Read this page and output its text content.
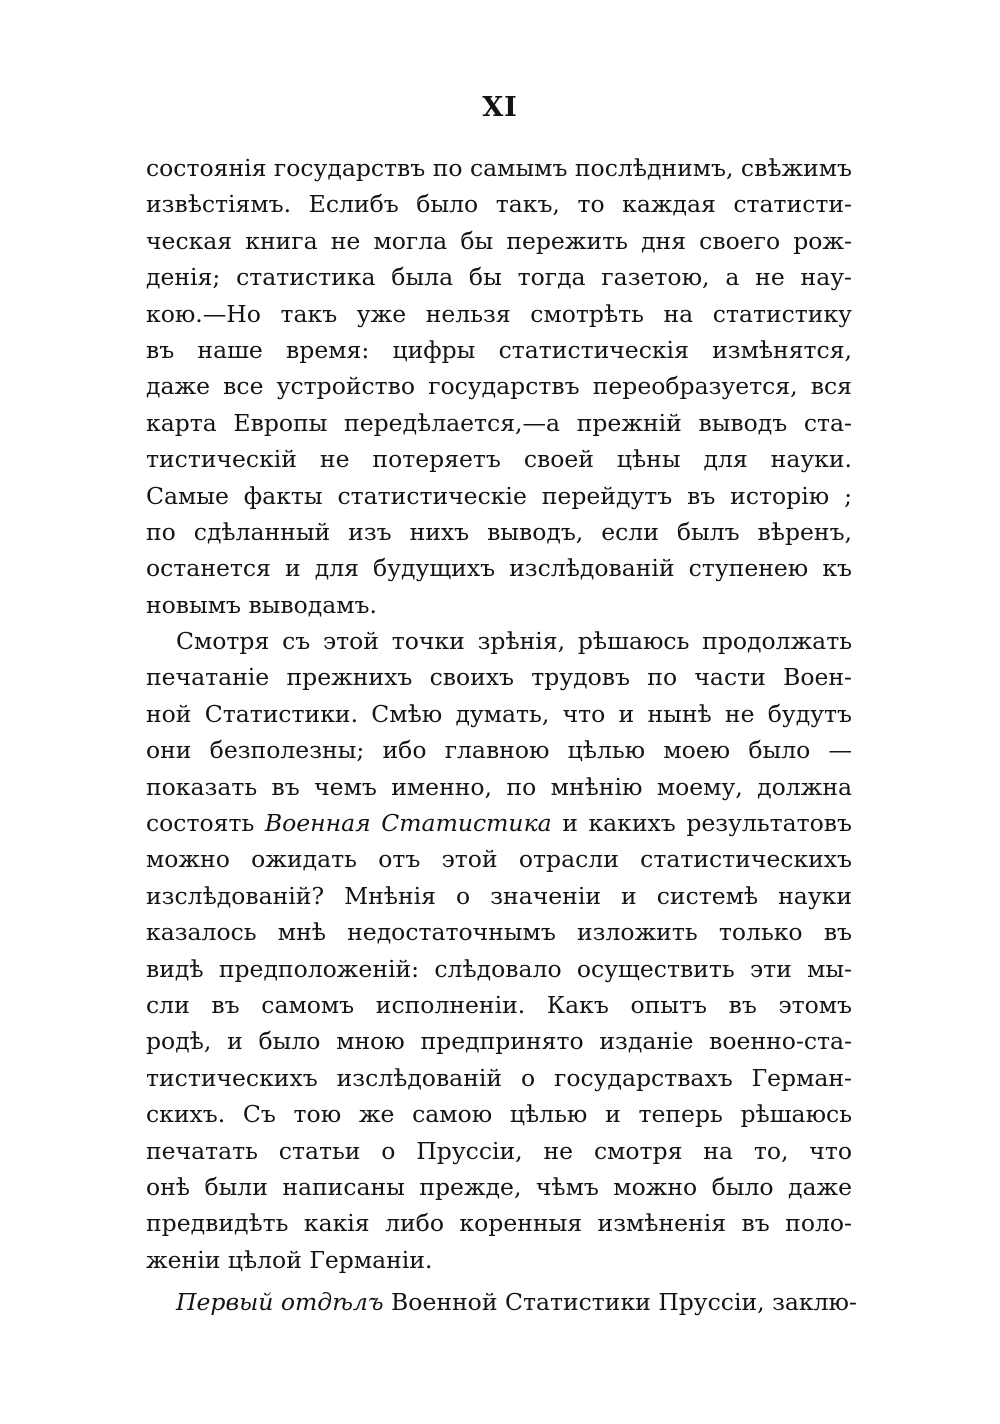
XI
состоянія государствъ по самымъ послѣднимъ, свѣжимъ
извѣстіямъ. Еслибъ было такъ, то каждая статисти-
ческая книга не могла бы пережить дня своего рож-
денія; статистика была бы тогда газетою, а не нау-
кою.—Но такъ уже нельзя смотрѣть на статистику
въ наше время: цифры статистическія измѣнятся,
даже все устройство государствъ переобразуется, вся
карта Европы передѣлается,—а прежній выводъ ста-
тистическій не потеряетъ своей цѣны для науки.
Самые факты статистическіе перейдутъ въ исторію ;
по сдѣланный изъ нихъ выводъ, если былъ вѣренъ,
останется и для будущихъ изслѣдованій ступенею къ
новымъ выводамъ.
Смотря съ этой точки зрѣнія, рѣшаюсь продолжать
печатаніе прежнихъ своихъ трудовъ по части Воен-
ной Статистики. Смѣю думать, что и нынѣ не будутъ
они безполезны; ибо главною цѣлью моею было —
показать въ чемъ именно, по мнѣнію моему, должна
состоять Военная Статистика и какихъ результатовъ
можно ожидать отъ этой отрасли статистическихъ
изслѣдованій? Мнѣнія о значеніи и системѣ науки
казалось мнѣ недостаточнымъ изложить только въ
видѣ предположеній: слѣдовало осуществить эти мы-
сли въ самомъ исполненіи. Какъ опытъ въ этомъ
родѣ, и было мною предпринято изданіе военно-ста-
тистическихъ изслѣдованій о государствахъ Герман-
скихъ. Съ тою же самою цѣлью и теперь рѣшаюсь
печатать статьи о Пруссіи, не смотря на то, что
онѣ были написаны прежде, чѣмъ можно было даже
предвидѣть какія либо коренныя измѣненія въ поло-
женіи цѣлой Германіи.
Первый отдѣлъ Военной Статистики Пруссіи, заклю-
